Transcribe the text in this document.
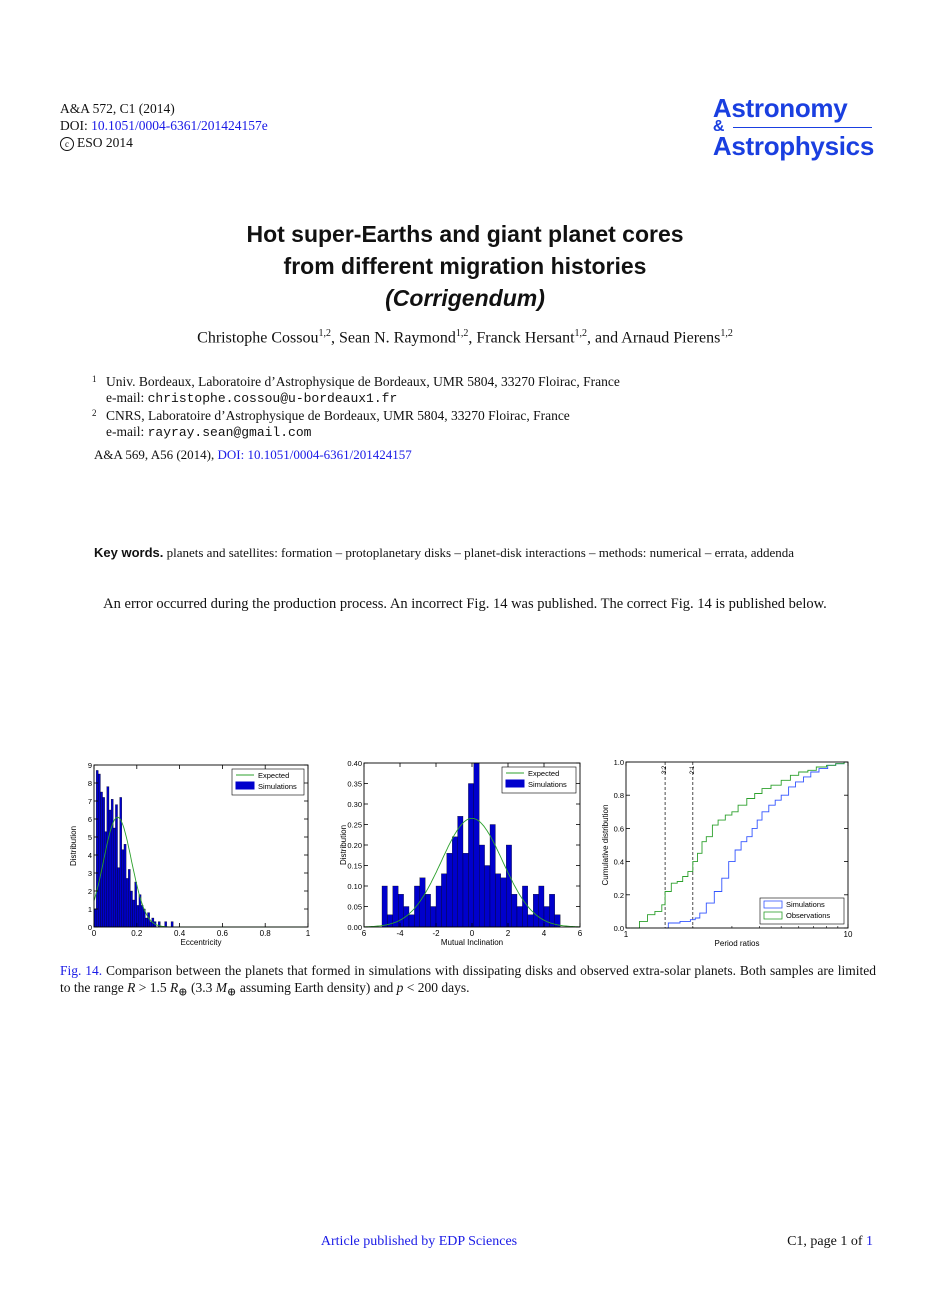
A&A 572, C1 (2014)
DOI: 10.1051/0004-6361/201424157e
c ESO 2014
Astronomy
&
Astrophysics
Hot super-Earths and giant planet cores
from different migration histories
(Corrigendum)
Christophe Cossou$^{1,2}$, Sean N. Raymond$^{1,2}$, Franck Hersant$^{1,2}$, and Arnaud Pierens$^{1,2}$
1 Univ. Bordeaux, Laboratoire d’Astrophysique de Bordeaux, UMR 5804, 33270 Floirac, France
e-mail: christophe.cossou@u-bordeaux1.fr
2 CNRS, Laboratoire d’Astrophysique de Bordeaux, UMR 5804, 33270 Floirac, France
e-mail: rayray.sean@gmail.com
A&A 569, A56 (2014), DOI: 10.1051/0004-6361/201424157
Key words. planets and satellites: formation – protoplanetary disks – planet-disk interactions – methods: numerical – errata, addenda
An error occurred during the production process. An incorrect Fig. 14 was published. The correct Fig. 14 is published below.
0	0.2	0.4	0.6	0.8	1
0
1
2
3
4
5
6
7
8
9
Eccentricity
Distribution
Expected
Simulations
6	-4	-2	0	2	4	6
0.00
0.05
0.10
0.15
0.20
0.25
0.30
0.35
0.40
Mutual Inclination
Distribution
Expected
Simulations
3:2	2:1
1	10
0.0
0.2
0.4
0.6
0.8
1.0
Period ratios
Cumulative distribution
Simulations
Observations
Fig. 14. Comparison between the planets that formed in simulations with dissipating disks and observed extra-solar planets. Both samples are limited to the range R > 1.5 $R_\oplus$ (3.3 $M_\oplus$ assuming Earth density) and p < 200 days.
Article published by EDP Sciences	C1, page 1 of 1
